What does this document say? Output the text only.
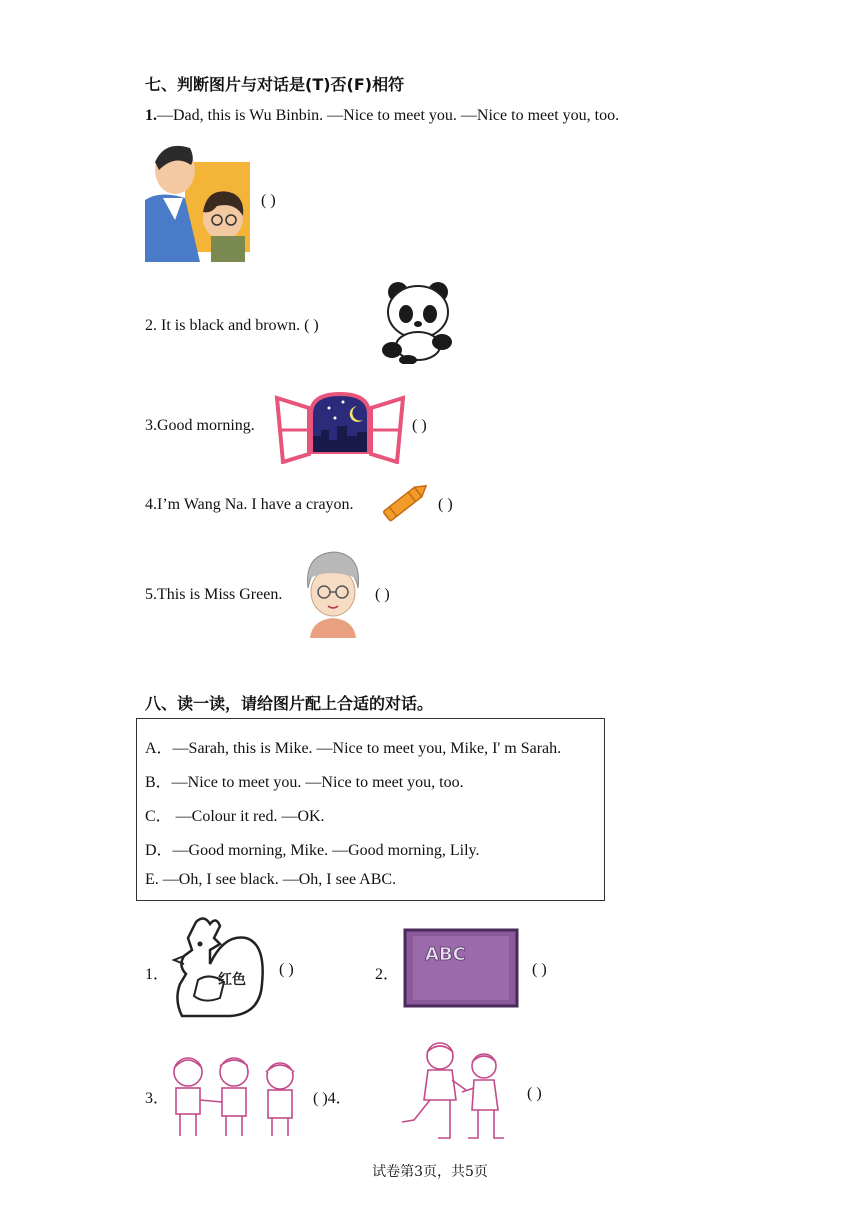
七、判断图片与对话是(T)否(F)相符
1.—Dad, this is Wu Binbin. —Nice to meet you. —Nice to meet you, too.
( )
2. It is black and brown. ( )
3.Good morning.	( )
4.I’m Wang Na. I have a crayon.	( )
5.This is Miss Green.	( )
八、读一读，请给图片配上合适的对话。
A．—Sarah, this is Mike. —Nice to meet you, Mike, I' m Sarah.
B．—Nice to meet you. —Nice to meet you, too.
C． —Colour it red. —OK.
D．—Good morning, Mike. —Good morning, Lily.
E. —Oh, I see black. —Oh, I see ABC.
1．	红色
( )	2．
ABC
( )
3．	( )4．	( )
试卷第3页，共5页
